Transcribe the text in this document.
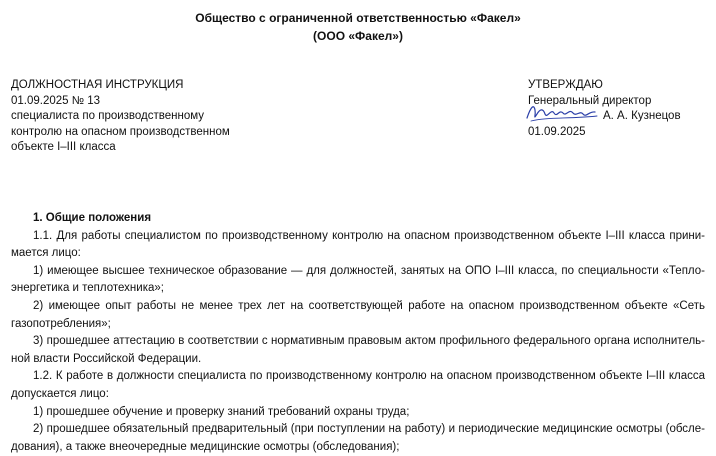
Общество с ограниченной ответственностью «Факел»
(ООО «Факел»)
ДОЛЖНОСТНАЯ ИНСТРУКЦИЯ
01.09.2025 № 13
специалиста по производственному
контролю на опасном производственном
объекте I–III класса
УТВЕРЖДАЮ
Генеральный директор
А. А. Кузнецов
01.09.2025

1. Общие положения

1.1. Для работы специалистом по производственному контролю на опасном производственном объекте I–III класса прини-

мается лицо:

1) имеющее высшее техническое образование — для должностей, занятых на ОПО I–III класса, по специальности «Тепло-

энергетика и теплотехника»;

2) имеющее опыт работы не менее трех лет на соответствующей работе на опасном производственном объекте «Сеть

газопотребления»;

3) прошедшее аттестацию в соответствии с нормативным правовым актом профильного федерального органа исполнитель-

ной власти Российской Федерации.

1.2. К работе в должности специалиста по производственному контролю на опасном производственном объекте I–III класса

допускается лицо:

1) прошедшее обучение и проверку знаний требований охраны труда;

2) прошедшее обязательный предварительный (при поступлении на работу) и периодические медицинские осмотры (обсле-

дования), а также внеочередные медицинские осмотры (обследования);
